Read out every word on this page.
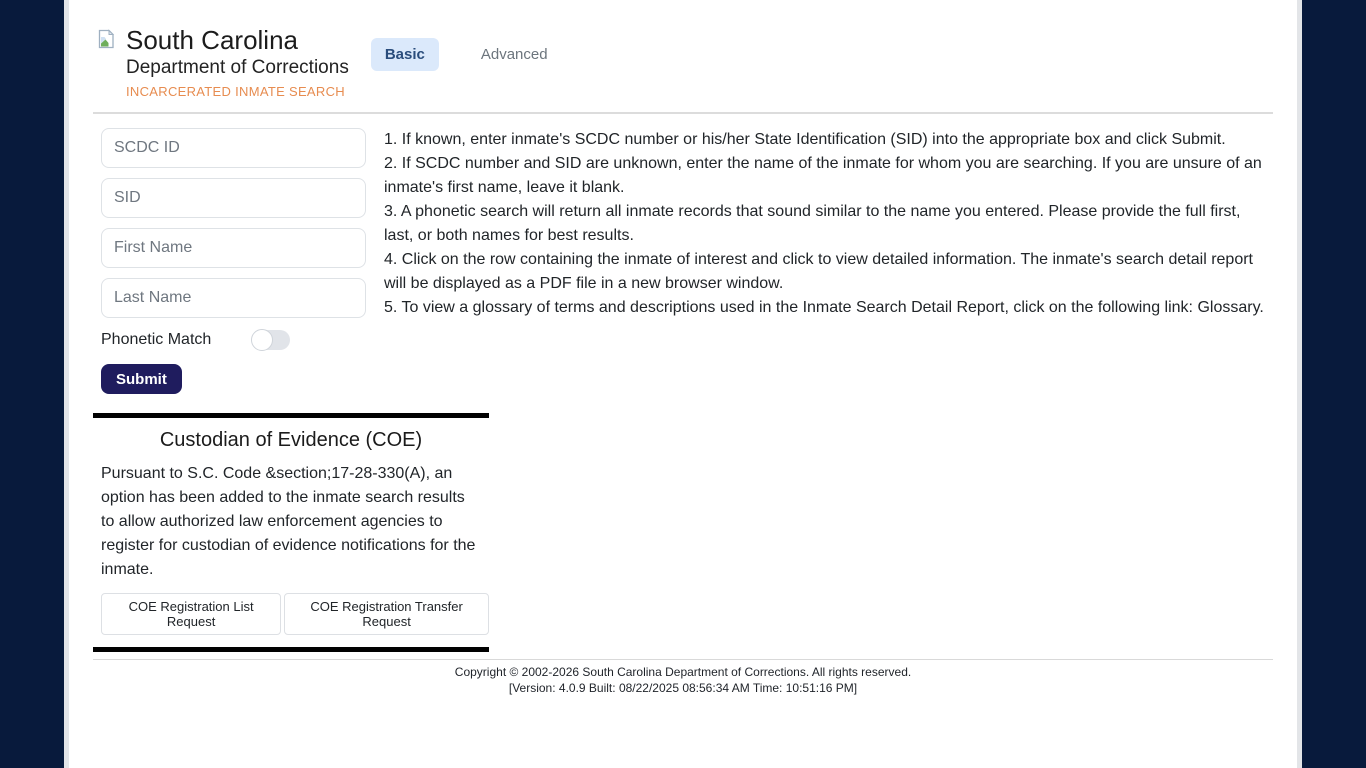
South Carolina
Department of Corrections
INCARCERATED INMATE SEARCH
Basic	Advanced
SCDC ID
SID
First Name
Last Name
Phonetic Match
Submit
1. If known, enter inmate's SCDC number or his/her State Identification (SID) into the appropriate box and click Submit.
2. If SCDC number and SID are unknown, enter the name of the inmate for whom you are searching. If you are unsure of an inmate's first name, leave it blank.
3. A phonetic search will return all inmate records that sound similar to the name you entered. Please provide the full first, last, or both names for best results.
4. Click on the row containing the inmate of interest and click to view detailed information. The inmate's search detail report will be displayed as a PDF file in a new browser window.
5. To view a glossary of terms and descriptions used in the Inmate Search Detail Report, click on the following link: Glossary.
Custodian of Evidence (COE)
Pursuant to S.C. Code &section;17-28-330(A), an option has been added to the inmate search results to allow authorized law enforcement agencies to register for custodian of evidence notifications for the inmate.
COE Registration List Request
COE Registration Transfer Request
Copyright © 2002-2026 South Carolina Department of Corrections. All rights reserved.
[Version: 4.0.9 Built: 08/22/2025 08:56:34 AM Time: 10:51:16 PM]
